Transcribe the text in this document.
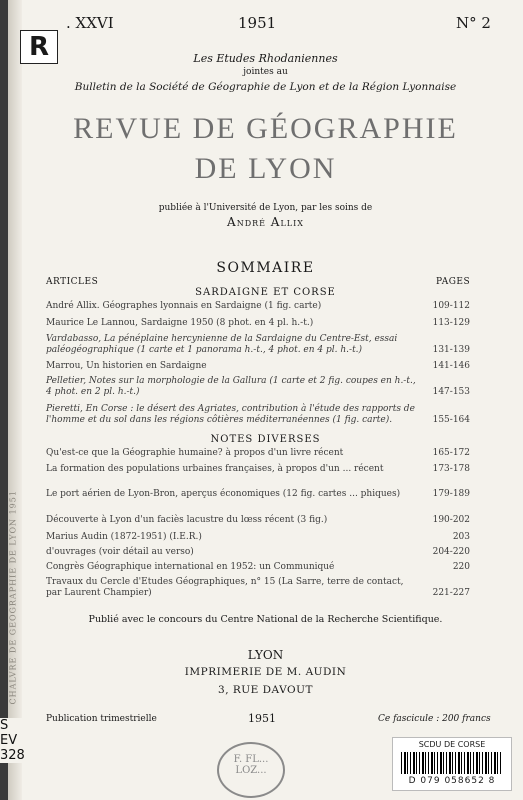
CHALVRE DE GEOGRAPHIE DE LYON 1951
R
. XXVI	1951	N° 2
Les Etudes Rhodaniennes
jointes au
Bulletin de la Société de Géographie de Lyon et de la Région Lyonnaise
REVUE DE GÉOGRAPHIE
DE LYON
publiée à l'Université de Lyon, par les soins de
André Allix
SOMMAIRE
ARTICLES	PAGES
SARDAIGNE ET CORSE
André Allix. Géographes lyonnais en Sardaigne (1 fig. carte)	109-112
Maurice Le Lannou, Sardaigne 1950 (8 phot. en 4 pl. h.-t.)	113-129
Vardabasso, La pénéplaine hercynienne de la Sardaigne du Centre-Est, essai paléogéographique (1 carte et 1 panorama h.-t., 4 phot. en 4 pl. h.-t.)	131-139
Marrou, Un historien en Sardaigne	141-146
Pelletier, Notes sur la morphologie de la Gallura (1 carte et 2 fig. coupes en h.-t., 4 phot. en 2 pl. h.-t.)	147-153
Pieretti, En Corse : le désert des Agriates, contribution à l'étude des rapports de l'homme et du sol dans les régions côtières méditerranéennes (1 fig. carte).	155-164
NOTES DIVERSES
Qu'est-ce que la Géographie humaine? à propos d'un livre récent	165-172
La formation des populations urbaines françaises, à propos d'un ... récent	173-178
Le port aérien de Lyon-Bron, aperçus économiques (12 fig. cartes ... phiques)	179-189
Découverte à Lyon d'un faciès lacustre du lœss récent (3 fig.)	190-202
Marius Audin (1872-1951) (I.E.R.)	203
d'ouvrages (voir détail au verso)	204-220
Congrès Géographique international en 1952: un Communiqué	220
Travaux du Cercle d'Etudes Géographiques, n° 15 (La Sarre, terre de contact, par Laurent Champier)	221-227
Publié avec le concours du Centre National de la Recherche Scientifique.
LYON
IMPRIMERIE DE M. AUDIN
3, RUE DAVOUT
Publication trimestrielle	1951	Ce fascicule : 200 francs
F. FL... LOZ...
SCDU DE CORSE
D 079 058652 8
S
EV
328
